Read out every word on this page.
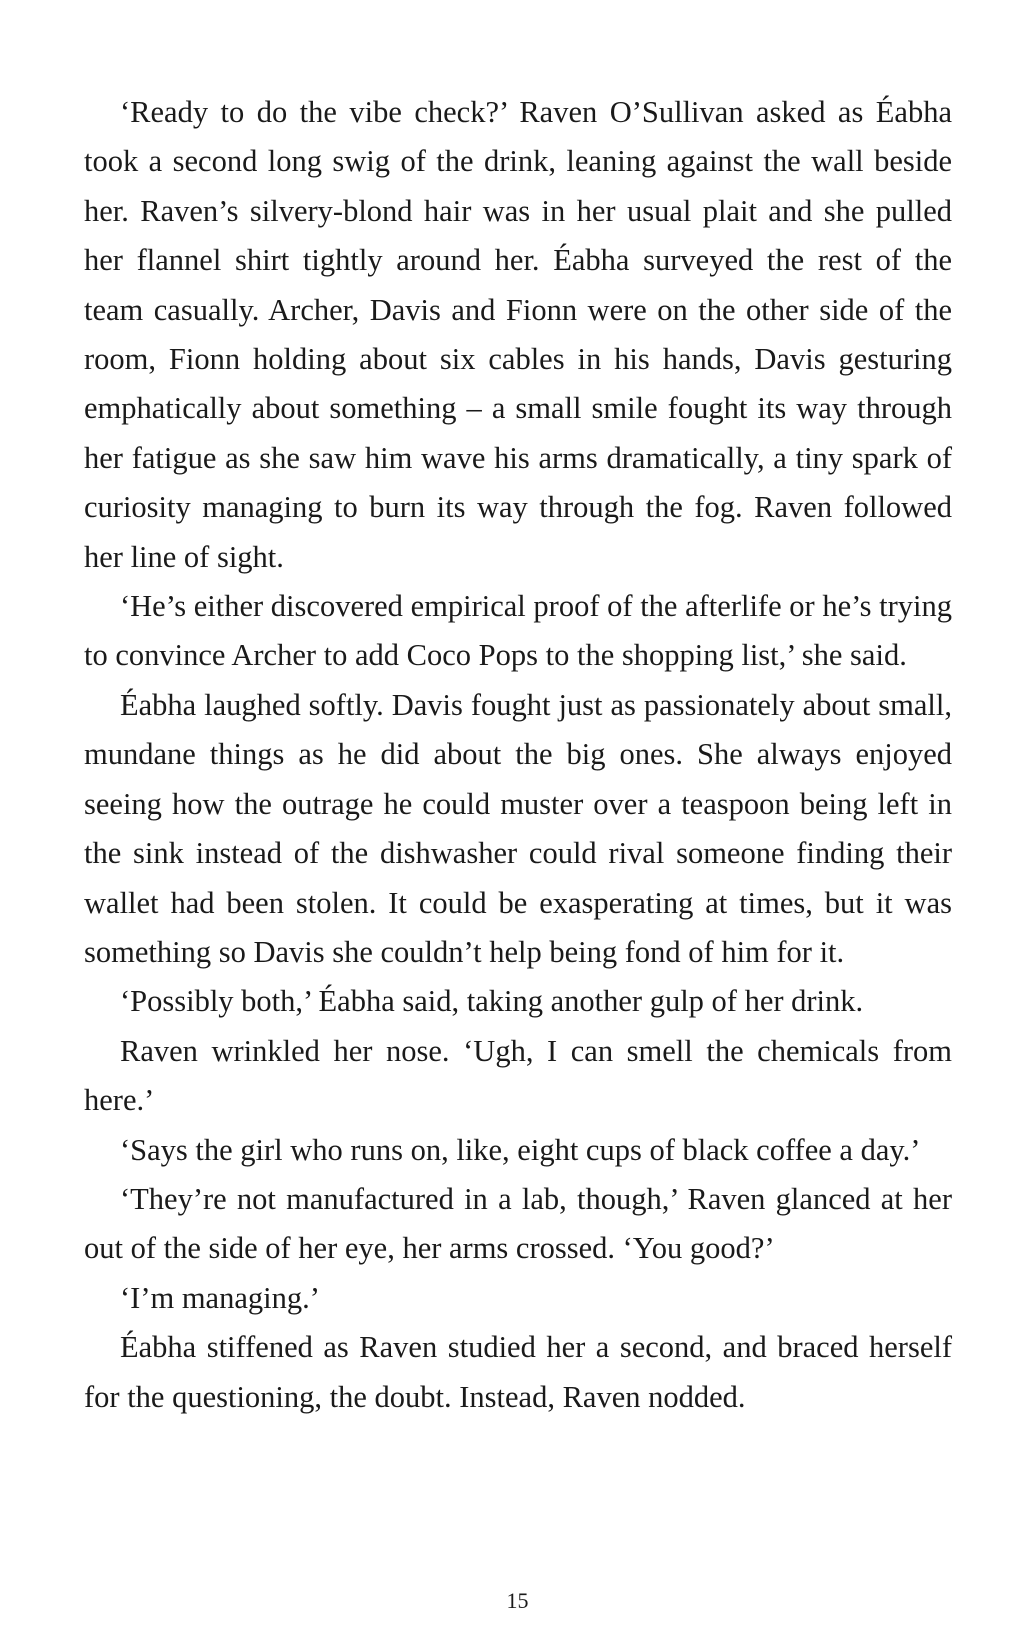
‘Ready to do the vibe check?’ Raven O’Sullivan asked as Éabha took a second long swig of the drink, leaning against the wall beside her. Raven’s silvery-blond hair was in her usual plait and she pulled her flannel shirt tightly around her. Éabha surveyed the rest of the team casually. Archer, Davis and Fionn were on the other side of the room, Fionn holding about six cables in his hands, Davis gesturing emphatically about something – a small smile fought its way through her fatigue as she saw him wave his arms dramatically, a tiny spark of curiosity managing to burn its way through the fog. Raven followed her line of sight.

‘He’s either discovered empirical proof of the afterlife or he’s trying to convince Archer to add Coco Pops to the shopping list,’ she said.

Éabha laughed softly. Davis fought just as passionately about small, mundane things as he did about the big ones. She always enjoyed seeing how the outrage he could muster over a teaspoon being left in the sink instead of the dishwasher could rival someone finding their wallet had been stolen. It could be exasperating at times, but it was something so Davis she couldn’t help being fond of him for it.

‘Possibly both,’ Éabha said, taking another gulp of her drink.

Raven wrinkled her nose. ‘Ugh, I can smell the chemicals from here.’

‘Says the girl who runs on, like, eight cups of black coffee a day.’

‘They’re not manufactured in a lab, though,’ Raven glanced at her out of the side of her eye, her arms crossed. ‘You good?’

‘I’m managing.’

Éabha stiffened as Raven studied her a second, and braced herself for the questioning, the doubt. Instead, Raven nodded.

15
